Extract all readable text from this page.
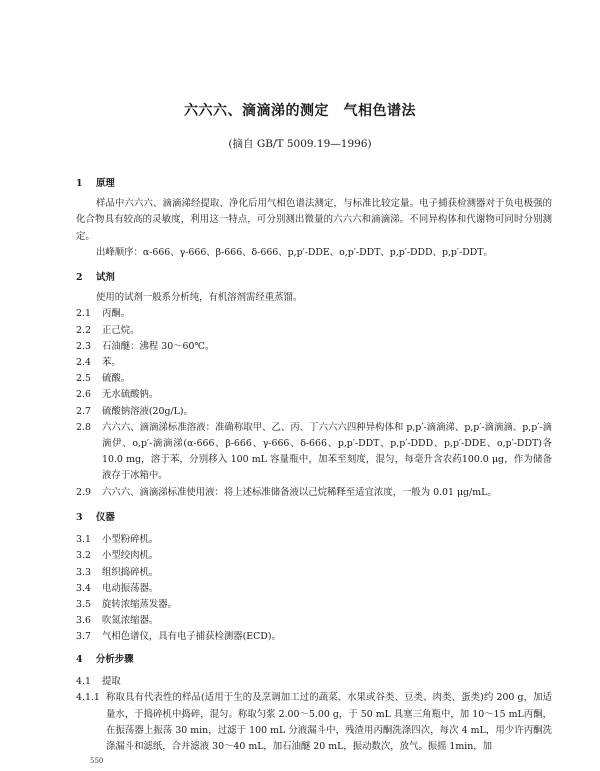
六六六、滴滴涕的测定　气相色谱法
(摘自 GB/T 5009.19—1996)
1 原理
样品中六六六、滴滴涕经提取、净化后用气相色谱法测定，与标准比较定量。电子捕获检测器对于负电极强的化合物具有较高的灵敏度，利用这一特点，可分别测出微量的六六六和滴滴涕。不同异构体和代谢物可同时分别测定。
出峰顺序：α-666、γ-666、β-666、δ-666、p,p′-DDE、o,p′-DDT、p,p′-DDD、p,p′-DDT。
2 试剂
使用的试剂一般系分析纯，有机溶剂需经重蒸馏。
2.1	丙酮。
2.2	正己烷。
2.3	石油醚：沸程 30～60℃。
2.4	苯。
2.5	硫酸。
2.6	无水硫酸钠。
2.7	硫酸钠溶液(20g/L)。
2.8	六六六、滴滴涕标准溶液：准确称取甲、乙、丙、丁六六六四种异构体和 p,p′-滴滴涕、p,p′-滴滴滴、p,p′-滴滴伊、o,p′-滴滴涕(α-666、β-666、γ-666、δ-666、p,p′-DDT、p,p′-DDD、p,p′-DDE、o,p′-DDT)各 10.0 mg，溶于苯，分别移入 100 mL 容量瓶中，加苯至刻度，混匀，每毫升含农药100.0 μg，作为储备液存于冰箱中。
2.9	六六六、滴滴涕标准使用液：将上述标准储备液以己烷稀释至适宜浓度，一般为 0.01 μg/mL。
3 仪器
3.1	小型粉碎机。
3.2	小型绞肉机。
3.3	组织捣碎机。
3.4	电动振荡器。
3.5	旋转浓缩蒸发器。
3.6	吹氮浓缩器。
3.7	气相色谱仪，具有电子捕获检测器(ECD)。
4 分析步骤
4.1	提取
4.1.1 称取具有代表性的样品(适用于生的及烹调加工过的蔬菜、水果或谷类、豆类、肉类、蛋类)约 200 g，加适量水，于捣碎机中捣碎，混匀。称取匀浆 2.00～5.00 g，于 50 mL 具塞三角瓶中，加 10～15 mL丙酮，在振荡器上振荡 30 min，过滤于 100 mL 分液漏斗中，残渣用丙酮洗涤四次，每次 4 mL，用少许丙酮洗涤漏斗和滤纸，合并滤液 30～40 mL，加石油醚 20 mL，振动数次，放气。振摇 1min，加
550
